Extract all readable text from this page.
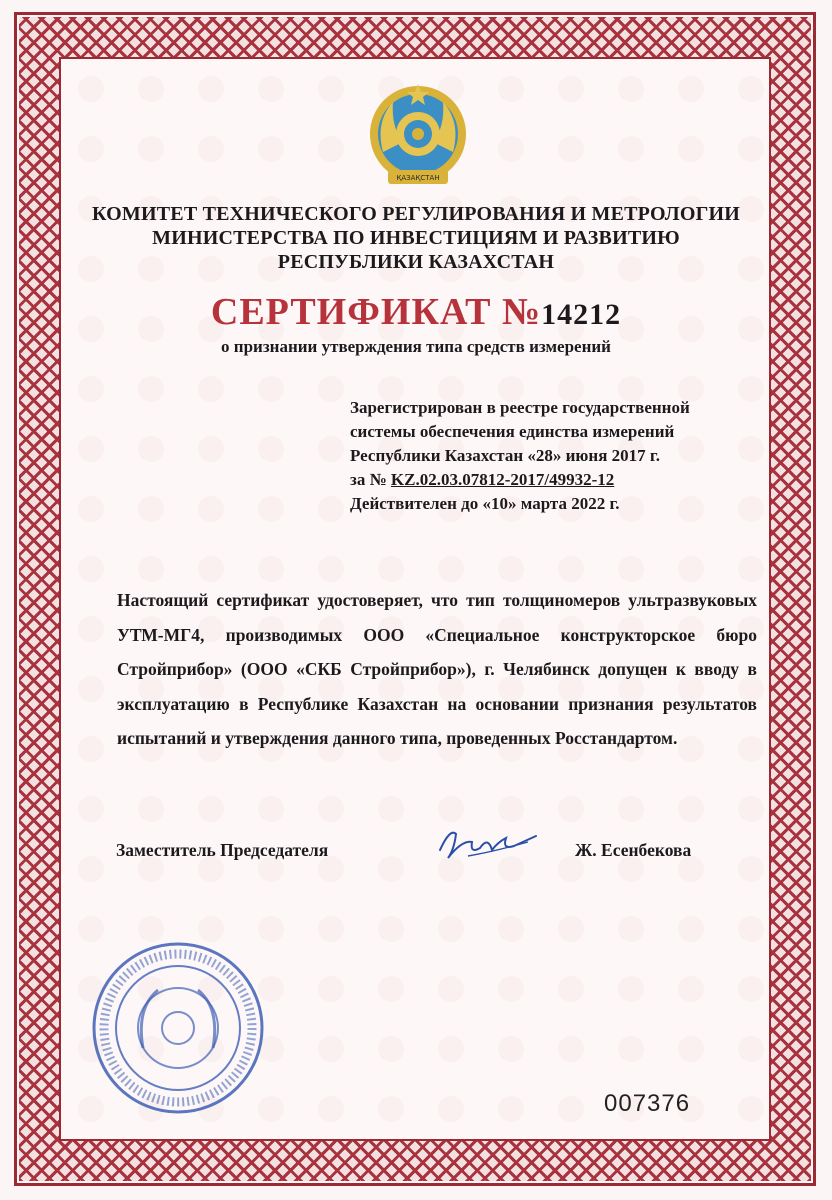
ҚАЗАҚСТАН
КОМИТЕТ ТЕХНИЧЕСКОГО РЕГУЛИРОВАНИЯ И МЕТРОЛОГИИ
МИНИСТЕРСТВА ПО ИНВЕСТИЦИЯМ И РАЗВИТИЮ
РЕСПУБЛИКИ КАЗАХСТАН
СЕРТИФИКАТ №14212
о признании утверждения типа средств измерений
Зарегистрирован в реестре государственной
системы обеспечения единства измерений
Республики Казахстан «28» июня 2017 г.
за № KZ.02.03.07812-2017/49932-12
Действителен до «10» марта 2022 г.
Настоящий сертификат удостоверяет, что тип толщиномеров ультразвуковых УТМ-МГ4, производимых ООО «Специальное конструкторское бюро Стройприбор» (ООО «СКБ Стройприбор»), г. Челябинск допущен к вводу в эксплуатацию в Республике Казахстан на основании признания результатов испытаний и утверждения данного типа, проведенных Росстандартом.
Заместитель Председателя	Ж. Есенбекова
007376
